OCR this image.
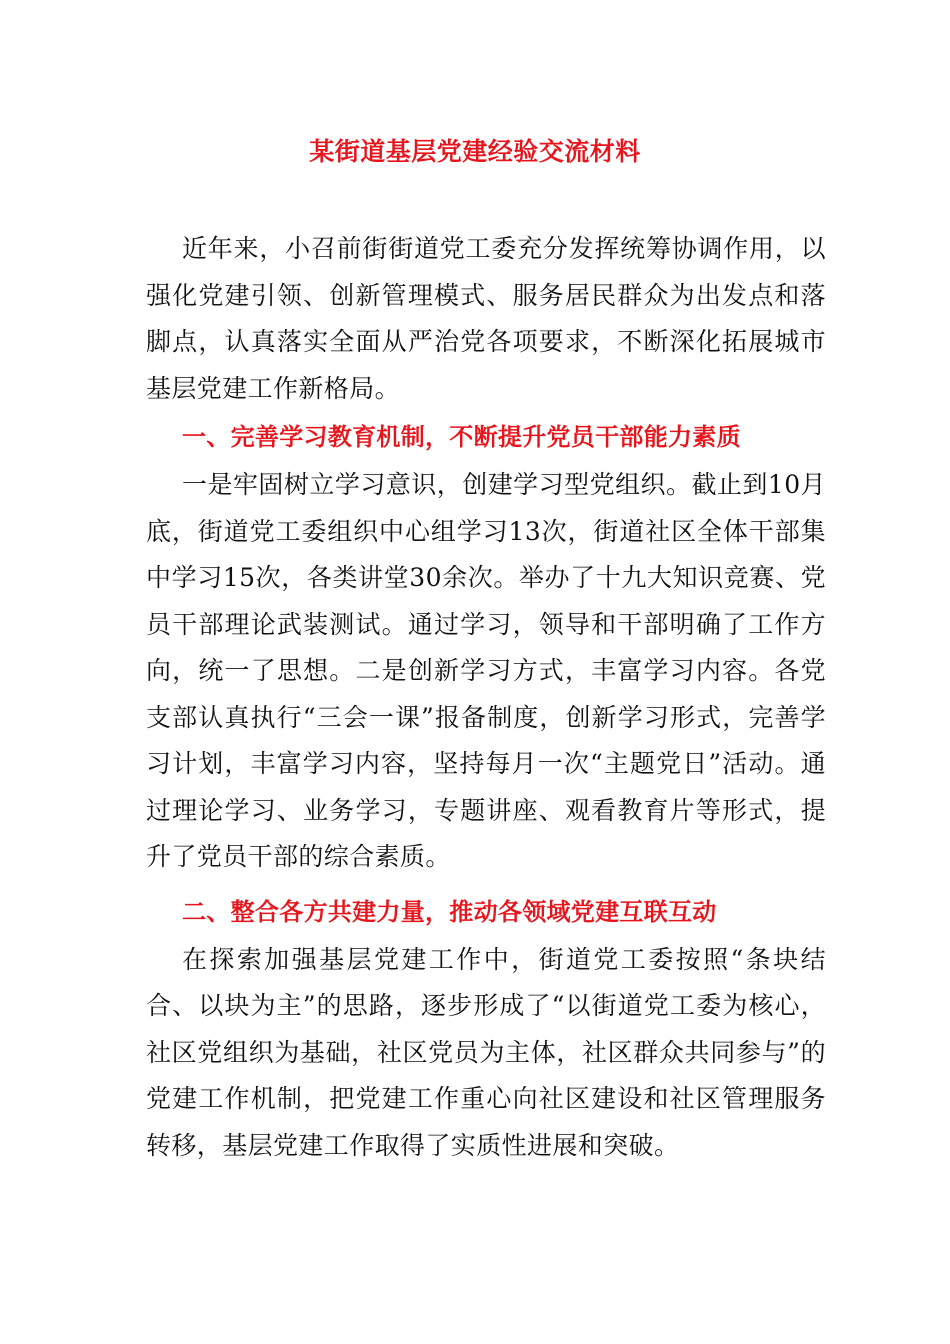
某街道基层党建经验交流材料

近年来，小召前街街道党工委充分发挥统筹协调作用，以强化党建引领、创新管理模式、服务居民群众为出发点和落脚点，认真落实全面从严治党各项要求，不断深化拓展城市基层党建工作新格局。

一、完善学习教育机制，不断提升党员干部能力素质

一是牢固树立学习意识，创建学习型党组织。截止到10月底，街道党工委组织中心组学习13次，街道社区全体干部集中学习15次，各类讲堂30余次。举办了十九大知识竞赛、党员干部理论武装测试。通过学习，领导和干部明确了工作方向，统一了思想。二是创新学习方式，丰富学习内容。各党支部认真执行“三会一课”报备制度，创新学习形式，完善学习计划，丰富学习内容，坚持每月一次“主题党日”活动。通过理论学习、业务学习，专题讲座、观看教育片等形式，提升了党员干部的综合素质。

二、整合各方共建力量，推动各领域党建互联互动

在探索加强基层党建工作中，街道党工委按照“条块结合、以块为主”的思路，逐步形成了“以街道党工委为核心，社区党组织为基础，社区党员为主体，社区群众共同参与”的党建工作机制，把党建工作重心向社区建设和社区管理服务转移，基层党建工作取得了实质性进展和突破。
